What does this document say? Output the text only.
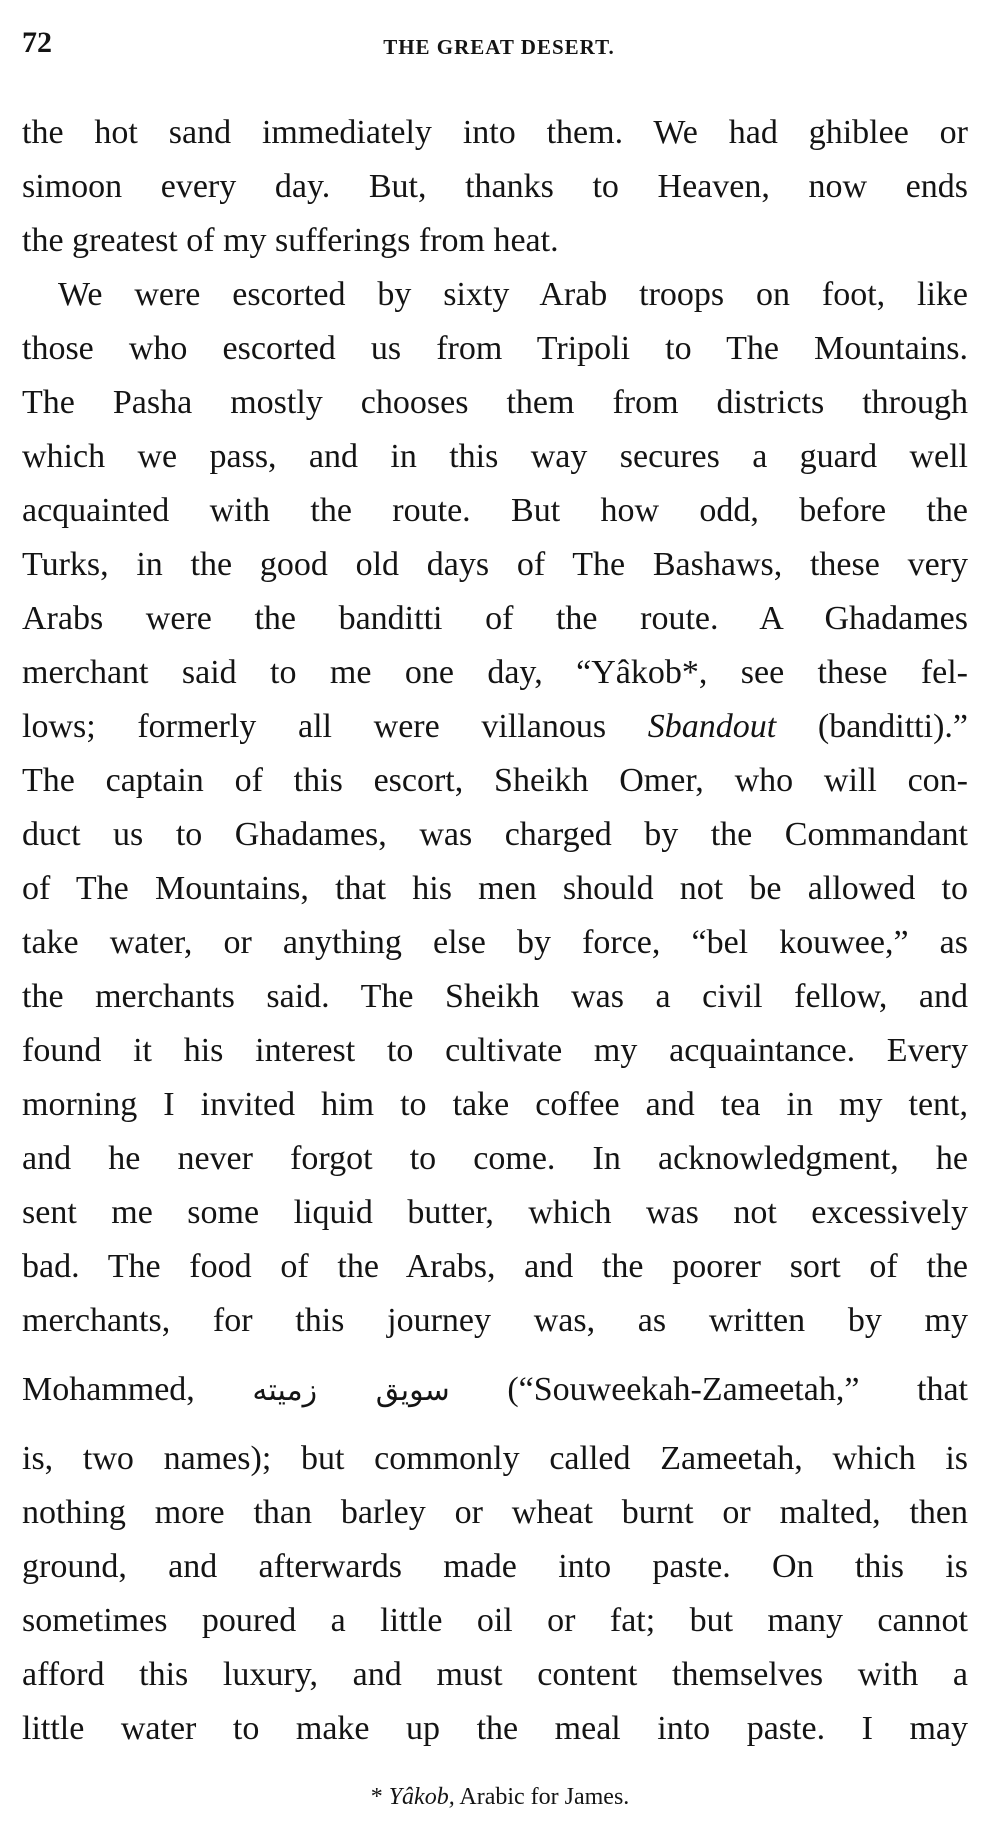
72	THE GREAT DESERT.
the hot sand immediately into them. We had ghiblee or
simoon every day. But, thanks to Heaven, now ends
the greatest of my sufferings from heat.
We were escorted by sixty Arab troops on foot, like
those who escorted us from Tripoli to The Mountains.
The Pasha mostly chooses them from districts through
which we pass, and in this way secures a guard well
acquainted with the route. But how odd, before the
Turks, in the good old days of The Bashaws, these very
Arabs were the banditti of the route. A Ghadames
merchant said to me one day, “Yâkob*, see these fel-
lows; formerly all were villanous Sbandout (banditti).”
The captain of this escort, Sheikh Omer, who will con-
duct us to Ghadames, was charged by the Commandant
of The Mountains, that his men should not be allowed to
take water, or anything else by force, “bel kouwee,” as
the merchants said. The Sheikh was a civil fellow, and
found it his interest to cultivate my acquaintance. Every
morning I invited him to take coffee and tea in my tent,
and he never forgot to come. In acknowledgment, he
sent me some liquid butter, which was not excessively
bad. The food of the Arabs, and the poorer sort of the
merchants, for this journey was, as written by my
Mohammed, سويق زميته (“Souweekah-Zameetah,” that
is, two names); but commonly called Zameetah, which is
nothing more than barley or wheat burnt or malted, then
ground, and afterwards made into paste. On this is
sometimes poured a little oil or fat; but many cannot
afford this luxury, and must content themselves with a
little water to make up the meal into paste. I may
* Yâkob, Arabic for James.
